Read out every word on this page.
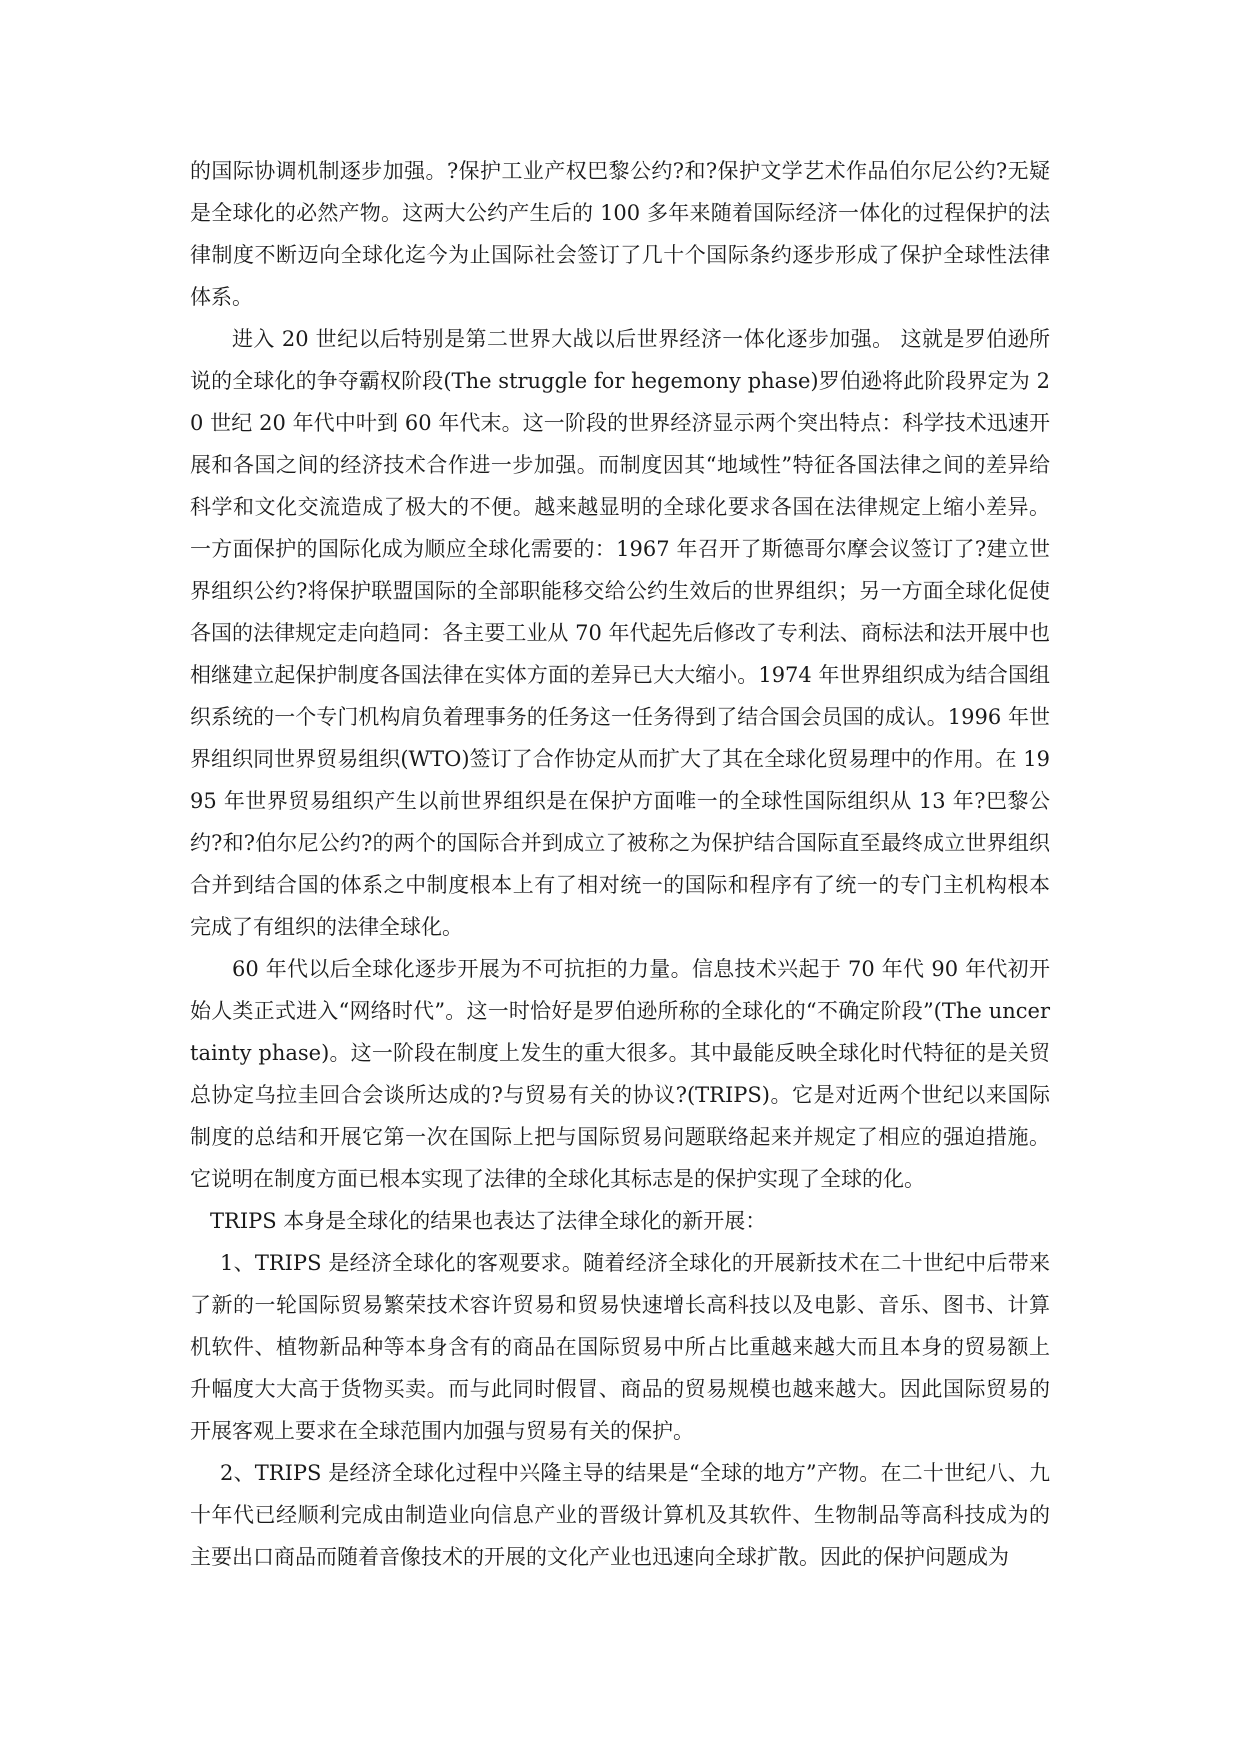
的国际协调机制逐步加强。?保护工业产权巴黎公约?和?保护文学艺术作品伯尔尼公约?无疑是全球化的必然产物。这两大公约产生后的 100 多年来随着国际经济一体化的过程保护的法律制度不断迈向全球化迄今为止国际社会签订了几十个国际条约逐步形成了保护全球性法律体系。

进入 20 世纪以后特别是第二世界大战以后世界经济一体化逐步加强。 这就是罗伯逊所说的全球化的争夺霸权阶段(The struggle for hegemony phase)罗伯逊将此阶段界定为 20 世纪 20 年代中叶到 60 年代末。这一阶段的世界经济显示两个突出特点：科学技术迅速开展和各国之间的经济技术合作进一步加强。而制度因其“地域性”特征各国法律之间的差异给科学和文化交流造成了极大的不便。越来越显明的全球化要求各国在法律规定上缩小差异。一方面保护的国际化成为顺应全球化需要的：1967 年召开了斯德哥尔摩会议签订了?建立世界组织公约?将保护联盟国际的全部职能移交给公约生效后的世界组织；另一方面全球化促使各国的法律规定走向趋同：各主要工业从 70 年代起先后修改了专利法、商标法和法开展中也相继建立起保护制度各国法律在实体方面的差异已大大缩小。1974 年世界组织成为结合国组织系统的一个专门机构肩负着理事务的任务这一任务得到了结合国会员国的成认。1996 年世界组织同世界贸易组织(WTO)签订了合作协定从而扩大了其在全球化贸易理中的作用。在 1995 年世界贸易组织产生以前世界组织是在保护方面唯一的全球性国际组织从 13 年?巴黎公约?和?伯尔尼公约?的两个的国际合并到成立了被称之为保护结合国际直至最终成立世界组织合并到结合国的体系之中制度根本上有了相对统一的国际和程序有了统一的专门主机构根本完成了有组织的法律全球化。

60 年代以后全球化逐步开展为不可抗拒的力量。信息技术兴起于 70 年代 90 年代初开始人类正式进入“网络时代”。这一时恰好是罗伯逊所称的全球化的“不确定阶段”(The uncertainty phase)。这一阶段在制度上发生的重大很多。其中最能反映全球化时代特征的是关贸总协定乌拉圭回合会谈所达成的?与贸易有关的协议?(TRIPS)。它是对近两个世纪以来国际制度的总结和开展它第一次在国际上把与国际贸易问题联络起来并规定了相应的强迫措施。它说明在制度方面已根本实现了法律的全球化其标志是的保护实现了全球的化。

TRIPS 本身是全球化的结果也表达了法律全球化的新开展：

1、TRIPS 是经济全球化的客观要求。随着经济全球化的开展新技术在二十世纪中后带来了新的一轮国际贸易繁荣技术容许贸易和贸易快速增长高科技以及电影、音乐、图书、计算机软件、植物新品种等本身含有的商品在国际贸易中所占比重越来越大而且本身的贸易额上升幅度大大高于货物买卖。而与此同时假冒、商品的贸易规模也越来越大。因此国际贸易的开展客观上要求在全球范围内加强与贸易有关的保护。

2、TRIPS 是经济全球化过程中兴隆主导的结果是“全球的地方”产物。在二十世纪八、九十年代已经顺利完成由制造业向信息产业的晋级计算机及其软件、生物制品等高科技成为的主要出口商品而随着音像技术的开展的文化产业也迅速向全球扩散。因此的保护问题成为
